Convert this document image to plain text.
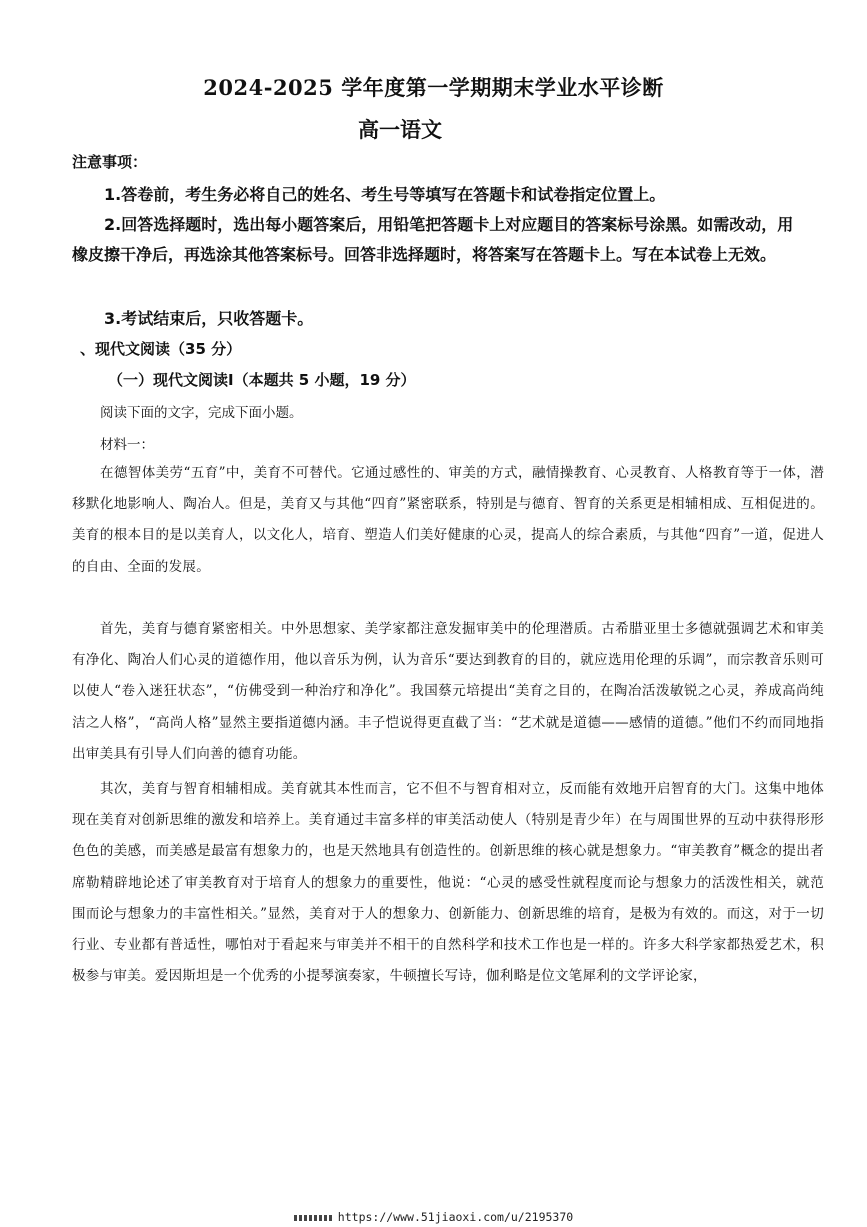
2024-2025 学年度第一学期期末学业水平诊断
高一语文
注意事项：
1.答卷前，考生务必将自己的姓名、考生号等填写在答题卡和试卷指定位置上。
2.回答选择题时，选出每小题答案后，用铅笔把答题卡上对应题目的答案标号涂黑。如需改动，用橡皮擦干净后，再选涂其他答案标号。回答非选择题时，将答案写在答题卡上。写在本试卷上无效。
3.考试结束后，只收答题卡。
、现代文阅读（35 分）
（一）现代文阅读Ⅰ（本题共 5 小题，19 分）
阅读下面的文字，完成下面小题。
材料一：
在德智体美劳“五育”中，美育不可替代。它通过感性的、审美的方式，融情操教育、心灵教育、人格教育等于一体，潜移默化地影响人、陶冶人。但是，美育又与其他“四育”紧密联系，特别是与德育、智育的关系更是相辅相成、互相促进的。美育的根本目的是以美育人，以文化人，培育、塑造人们美好健康的心灵，提高人的综合素质，与其他“四育”一道，促进人的自由、全面的发展。
首先，美育与德育紧密相关。中外思想家、美学家都注意发掘审美中的伦理潜质。古希腊亚里士多德就强调艺术和审美有净化、陶冶人们心灵的道德作用，他以音乐为例，认为音乐“要达到教育的目的，就应选用伦理的乐调”，而宗教音乐则可以使人“卷入迷狂状态”，“仿佛受到一种治疗和净化”。我国蔡元培提出“美育之目的，在陶冶活泼敏锐之心灵，养成高尚纯洁之人格”，“高尚人格”显然主要指道德内涵。丰子恺说得更直截了当：“艺术就是道德——感情的道德。”他们不约而同地指出审美具有引导人们向善的德育功能。
其次，美育与智育相辅相成。美育就其本性而言，它不但不与智育相对立，反而能有效地开启智育的大门。这集中地体现在美育对创新思维的激发和培养上。美育通过丰富多样的审美活动使人（特别是青少年）在与周围世界的互动中获得形形色色的美感，而美感是最富有想象力的，也是天然地具有创造性的。创新思维的核心就是想象力。“审美教育”概念的提出者席勒精辟地论述了审美教育对于培育人的想象力的重要性，他说：“心灵的感受性就程度而论与想象力的活泼性相关，就范围而论与想象力的丰富性相关。”显然，美育对于人的想象力、创新能力、创新思维的培育，是极为有效的。而这，对于一切行业、专业都有普适性，哪怕对于看起来与审美并不相干的自然科学和技术工作也是一样的。许多大科学家都热爱艺术，积极参与审美。爱因斯坦是一个优秀的小提琴演奏家，牛顿擅长写诗，伽利略是位文笔犀利的文学评论家，
https://www.51jiaoxi.com/u/2195370
